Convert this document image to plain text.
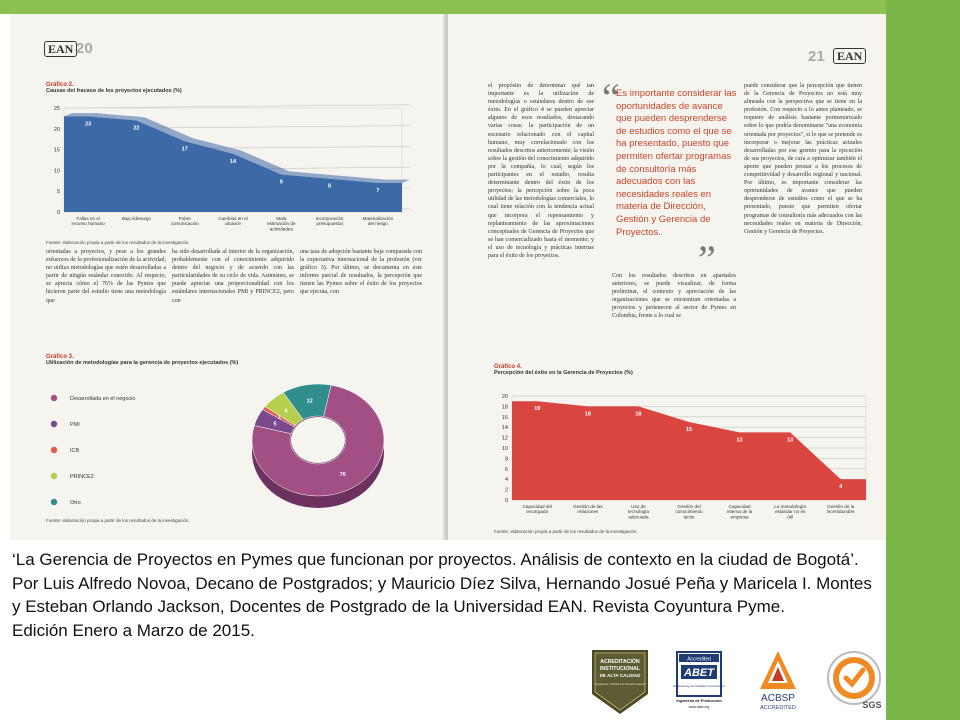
EAN 20
Gráfico 2.
Causas del fracaso de los proyectos ejecutados (%)
0
5
10
15
20
25
23
22
17
14
9
8
7
Fallas en el recurso humano
Bajo liderazgo	Pobre comunicación
Cambios en el alcance
Mala estimación de actividades
Incorporación presupuestal
Materialización del riesgo
Fuente: elaboración propia a partir de los resultados de la investigación.
orientadas a proyectos, y pese a los grandes esfuerzos de la profesionalización de la actividad, no utiliza metodologías que estén desarrolladas a partir de ningún estándar conocido. Al respecto, se aprecia cómo el 76% de las Pymes que hicieron parte del estudio tiene una metodología que
ha sido desarrollada al interior de la organización, probablemente con el conocimiento adquirido dentro del negocio y de acuerdo con las particularidades de su ciclo de vida. Asimismo, se puede apreciar una proporcionalidad con los estándares internacionales PMI y PRINCE2, pero con
una tasa de adopción bastante baja comparada con la expectativa internacional de la profesión (ver gráfico 3). Por último, se documenta en este informe parcial de resultados, la percepción que tienen las Pymes sobre el éxito de los proyectos que ejecuta, con
Gráfico 3.
Utilización de metodologías para la gerencia de proyectos ejecutados (%)
Desarrollada en el negocio
PMI
ICB
PRINCE2
Otro
76
5
1
6
12
Fuente: elaboración propia a partir de los resultados de la investigación.
21	EAN
el propósito de determinar qué tan importante es la utilización de metodologías o estándares dentro de ese éxito. En el gráfico 4 se pueden apreciar algunos de esos resultados, destacando varias cosas: la participación de un escenario relacionado con el capital humano, muy correlacionado con los resultados descritos anteriormente; la visión sobre la gestión del conocimiento adquirido por la compañía, lo cual, según los participantes en el estudio, resulta determinante dentro del éxito de los proyectos; la percepción sobre la poca utilidad de las metodologías comerciales, lo cual tiene relación con la tendencia actual que incorpora el repensamiento y replanteamiento de las aproximaciones conceptuales de Gerencia de Proyectos que se han comercializado hasta el momento; y el uso de tecnología y prácticas internas para el éxito de los proyectos.
“
Es importante considerar las oportunidades de avance que pueden desprenderse de estudios como el que se ha presentado, puesto que permiten ofertar programas de consultoría más adecuados con las necesidades reales en materia de Dirección, Gestión y Gerencia de Proyectos.
”
Con los resultados descritos en apartados anteriores, se puede visualizar, de forma preliminar, el contexto y apreciación de las organizaciones que se encuentran orientadas a proyectos y pertenecen al sector de Pymes en Colombia, frente a lo cual se
puede considerar que la percepción que tienen de la Gerencia de Proyectos no está muy alineada con la perspectiva que se tiene en la profesión. Con respecto a lo antes planteado, se requiere de análisis bastante pormenorizado sobre lo que podría denominarse "una economía orientada por proyectos", si lo que se pretende es incorporar o mejorar las prácticas actuales desarrolladas por ese gremio para la ejecución de sus proyectos, de cara a optimizar también el aporte que pueden prestar a los procesos de competitividad y desarrollo regional y nacional. Por último, es importante considerar las oportunidades de avance que pueden desprenderse de estudios como el que se ha presentado, puesto que permiten ofertar programas de consultoría más adecuados con las necesidades reales en materia de Dirección, Gestión y Gerencia de Proyectos.
Gráfico 4.
Percepción del éxito en la Gerencia de Proyectos (%)
0
2
4
6
8
10
12
14
16
18
20
19
18	18
15
13	13
4
Capacidad del encargado
Gestión de las relaciones
Uso de tecnología adecuada
Gestión del conocimiento tácito
Capacidad interna de la empresa
La metodología estándar no es útil
Gestión de la incertidumbre
Fuente: elaboración propia a partir de los resultados de la investigación.

‘La Gerencia de Proyectos en Pymes que funcionan por proyectos. Análisis de contexto en la ciudad de Bogotá’. Por Luis Alfredo Novoa, Decano de Postgrados; y Mauricio Díez Silva, Hernando Josué Peña y Maricela I. Montes y Esteban Orlando Jackson, Docentes de Postgrado de la Universidad EAN. Revista Coyuntura Pyme.

Edición Enero a Marzo de 2015.

ACREDITACIÓN
INSTITUCIONAL
DE ALTA CALIDAD
Otorgada por el Ministerio de Educación Nacional
Accredited
ABET
Engineering Accreditation Commission
Ingeniería de Producción
www.abet.org
ACBSP
ACCREDITED	SGS
